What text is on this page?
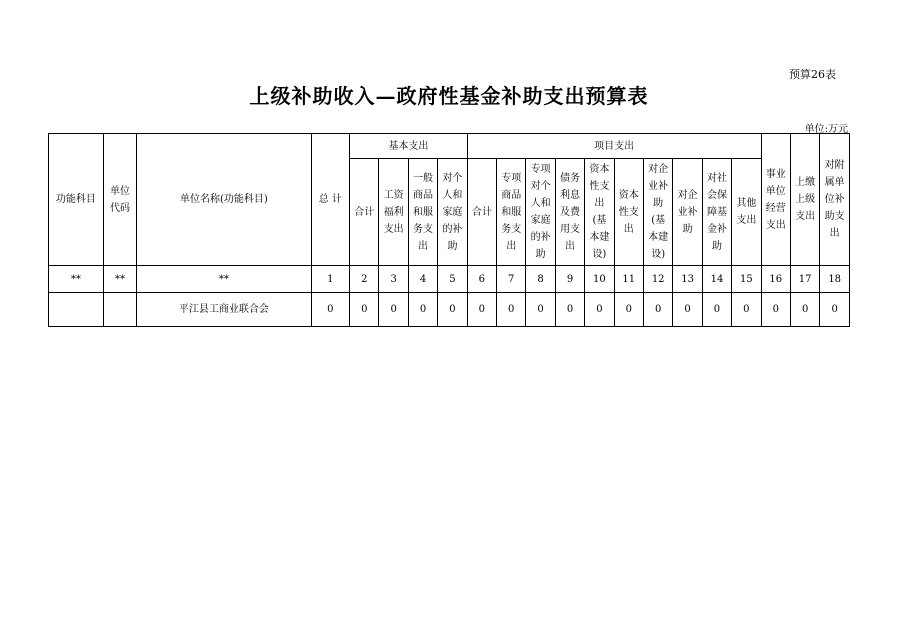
预算26表
上级补助收入—政府性基金补助支出预算表
单位:万元
功能科目	单位代码	单位名称(功能科目)	总 计	基本支出				项目支出										事业单位经营支出	上缴上级支出	对附属单位补助支出

				合计	工资福利支出	一般商品和服务支出	对个人和家庭的补助	合计	专项商品和服务支出	专项对个人和家庭的补助	债务利息及费用支出	资本性支出(基本建设)	资本性支出	对企业补助(基本建设)	对企业补助	对社会保障基金补助	其他支出			

**	**	**	1	2	3	4	5	6	7	8	9	10	11	12	13	14	15	16	17	18
		平江县工商业联合会	0	0	0	0	0	0	0	0	0	0	0	0	0	0	0	0	0	0
